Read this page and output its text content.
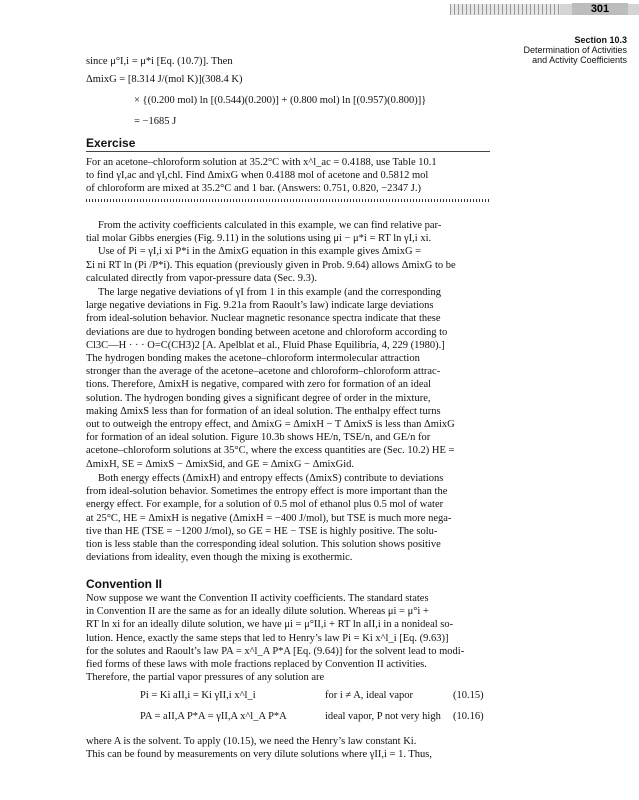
301
Section 10.3
Determination of Activities
and Activity Coefficients
since μ°I,i = μ*i [Eq. (10.7)]. Then
ΔmixG = [8.314 J/(mol K)](308.4 K)
× {(0.200 mol) ln [(0.544)(0.200)] + (0.800 mol) ln [(0.957)(0.800)]}
= −1685 J
Exercise
For an acetone–chloroform solution at 35.2°C with x^l_ac = 0.4188, use Table 10.1
to find γI,ac and γI,chl. Find ΔmixG when 0.4188 mol of acetone and 0.5812 mol
of chloroform are mixed at 35.2°C and 1 bar. (Answers: 0.751, 0.820, −2347 J.)
From the activity coefficients calculated in this example, we can find relative par-
tial molar Gibbs energies (Fig. 9.11) in the solutions using μi − μ*i = RT ln γI,i xi.
Use of Pi = γI,i xi P*i in the ΔmixG equation in this example gives ΔmixG =
Σi ni RT ln (Pi /P*i). This equation (previously given in Prob. 9.64) allows ΔmixG to be
calculated directly from vapor-pressure data (Sec. 9.3).
The large negative deviations of γI from 1 in this example (and the corresponding
large negative deviations in Fig. 9.21a from Raoult’s law) indicate large deviations
from ideal-solution behavior. Nuclear magnetic resonance spectra indicate that these
deviations are due to hydrogen bonding between acetone and chloroform according to
Cl3C—H · · · O=C(CH3)2 [A. Apelblat et al., Fluid Phase Equilibria, 4, 229 (1980).]
The hydrogen bonding makes the acetone–chloroform intermolecular attraction
stronger than the average of the acetone–acetone and chloroform–chloroform attrac-
tions. Therefore, ΔmixH is negative, compared with zero for formation of an ideal
solution. The hydrogen bonding gives a significant degree of order in the mixture,
making ΔmixS less than for formation of an ideal solution. The enthalpy effect turns
out to outweigh the entropy effect, and ΔmixG = ΔmixH − T ΔmixS is less than ΔmixG
for formation of an ideal solution. Figure 10.3b shows HE/n, TSE/n, and GE/n for
acetone–chloroform solutions at 35°C, where the excess quantities are (Sec. 10.2) HE =
ΔmixH, SE = ΔmixS − ΔmixSid, and GE = ΔmixG − ΔmixGid.
Both energy effects (ΔmixH) and entropy effects (ΔmixS) contribute to deviations
from ideal-solution behavior. Sometimes the entropy effect is more important than the
energy effect. For example, for a solution of 0.5 mol of ethanol plus 0.5 mol of water
at 25°C, HE = ΔmixH is negative (ΔmixH = −400 J/mol), but TSE is much more nega-
tive than HE (TSE = −1200 J/mol), so GE = HE − TSE is highly positive. The solu-
tion is less stable than the corresponding ideal solution. This solution shows positive
deviations from ideality, even though the mixing is exothermic.
Convention II
Now suppose we want the Convention II activity coefficients. The standard states
in Convention II are the same as for an ideally dilute solution. Whereas μi = μ°i +
RT ln xi for an ideally dilute solution, we have μi = μ°II,i + RT ln aII,i in a nonideal so-
lution. Hence, exactly the same steps that led to Henry’s law Pi = Ki x^l_i [Eq. (9.63)]
for the solutes and Raoult’s law PA = x^l_A P*A [Eq. (9.64)] for the solvent lead to modi-
fied forms of these laws with mole fractions replaced by Convention II activities.
Therefore, the partial vapor pressures of any solution are
Pi = Ki aII,i = Ki γII,i x^l_i	for i ≠ A, ideal vapor	(10.15)
PA = aII,A P*A = γII,A x^l_A P*A	ideal vapor, P not very high (10.16)
where A is the solvent. To apply (10.15), we need the Henry’s law constant Ki.
This can be found by measurements on very dilute solutions where γII,i = 1. Thus,
